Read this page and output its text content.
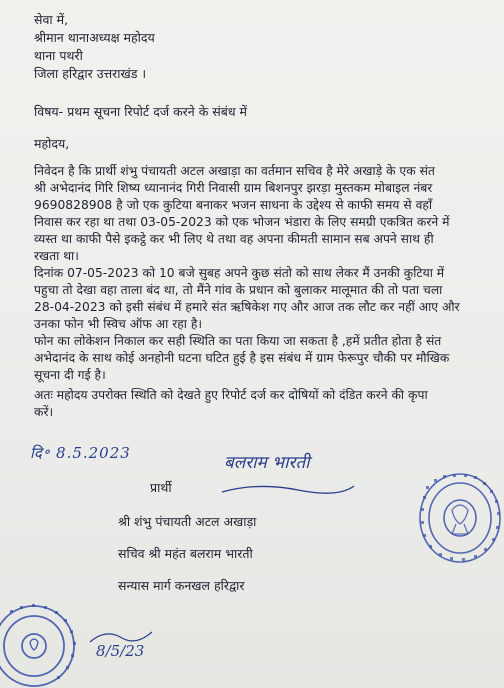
सेवा में,
श्रीमान थानाअध्यक्ष महोदय
थाना पथरी
जिला हरिद्वार उत्तराखंड ।
विषय- प्रथम सूचना रिपोर्ट दर्ज करने के संबंध में
महोदय,
निवेदन है कि प्रार्थी शंभु पंचायती अटल अखाड़ा का वर्तमान सचिव है मेरे अखाड़े के एक संत
श्री अभेदानंद गिरि शिष्य ध्यानानंद गिरी निवासी ग्राम बिशनपुर झरड़ा मुस्तकम मोबाइल नंबर
9690828908 है जो एक कुटिया बनाकर भजन साधना के उद्देश्य से काफी समय से वहाँ
निवास कर रहा था तथा 03-05-2023 को एक भोजन भंडारा के लिए समग्री एकत्रित करने में
व्यस्त था काफी पैसे इकट्ठे कर भी लिए थे तथा वह अपना कीमती सामान सब अपने साथ ही
रखता था।
दिनांक 07-05-2023 को 10 बजे सुबह अपने कुछ संतो को साथ लेकर मैं उनकी कुटिया में
पहुचा तो देखा वहा ताला बंद था, तो मैंने गांव के प्रधान को बुलाकर मालूमात की तो पता चला
28-04-2023 को इसी संबंध में हमारे संत ऋषिकेश गए और आज तक लौट कर नहीं आए और
उनका फोन भी स्विच ऑफ आ रहा है।
फोन का लोकेशन निकाल कर सही स्थिति का पता किया जा सकता है ,हमें प्रतीत होता है संत
अभेदानंद के साथ कोई अनहोनी घटना घटित हुई है इस संबंध में ग्राम फेरूपुर चौकी पर मौखिक
सूचना दी गई है।
अतः महोदय उपरोक्त स्थिति को देखते हुए रिपोर्ट दर्ज कर दोषियों को दंडित करने की कृपा
करें।
दि॰ 8.5.2023
प्रार्थी
बलराम भारती
श्री शंभु पंचायती अटल अखाड़ा
सचिव श्री महंत बलराम भारती
सन्यास मार्ग कनखल हरिद्वार
8/5/23
